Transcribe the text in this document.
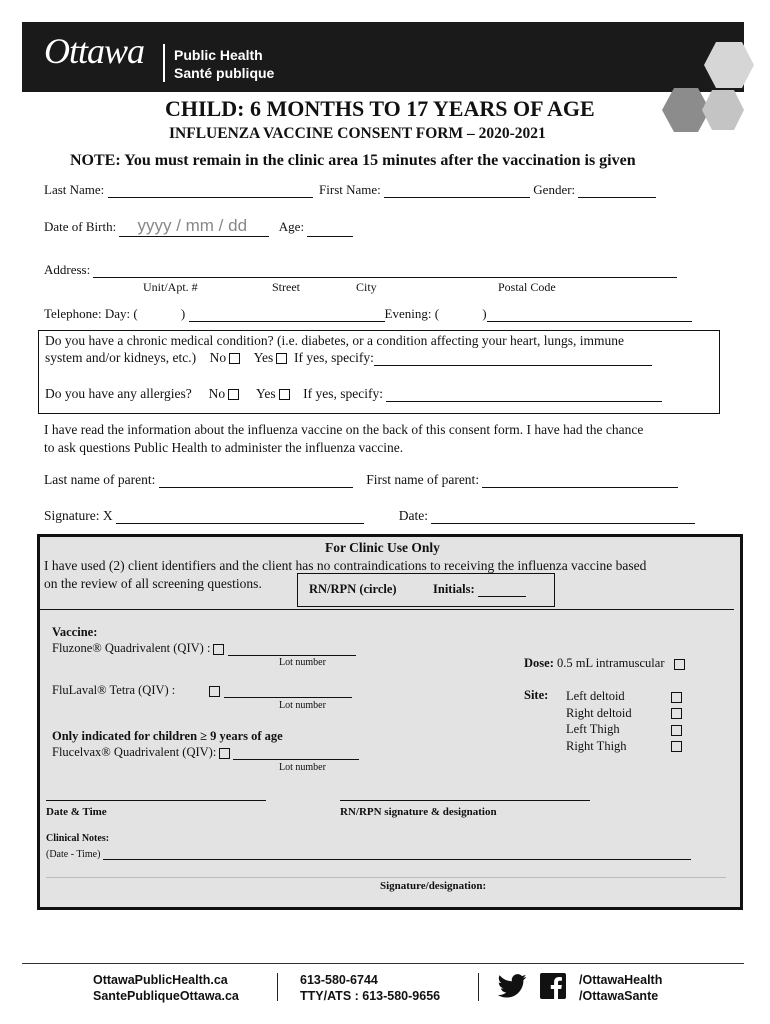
Ottawa Public Health
Santé publique
CHILD: 6 MONTHS TO 17 YEARS OF AGE
INFLUENZA VACCINE CONSENT FORM – 2020-2021
NOTE: You must remain in the clinic area 15 minutes after the vaccination is given
Last Name:	First Name:	Gender:
Date of Birth: yyyy / mm / dd Age:
Address:
Unit/Apt. #	Street	City	Postal Code
Telephone: Day: (	)	Evening: (	)
Do you have a chronic medical condition? (i.e. diabetes, or a condition affecting your heart, lungs, immune
system and/or kidneys, etc.) No Yes If yes, specify:
Do you have any allergies? No Yes If yes, specify:
I have read the information about the influenza vaccine on the back of this consent form. I have had the chance
to ask questions Public Health to administer the influenza vaccine.
Last name of parent:	First name of parent:
Signature: X	Date:
For Clinic Use Only
I have used (2) client identifiers and the client has no contraindications to receiving the influenza vaccine based
on the review of all screening questions.	RN/RPN (circle)	Initials:
Vaccine:
Fluzone® Quadrivalent (QIV) :
Lot number
FluLaval® Tetra (QIV) :
Lot number
Only indicated for children ≥ 9 years of age
Flucelvax® Quadrivalent (QIV):
Lot number
Dose: 0.5 mL intramuscular
Site: Left deltoid
Right deltoid
Left Thigh
Right Thigh
Date & Time	RN/RPN signature & designation
Clinical Notes:
(Date - Time)
Signature/designation:
OttawaPublicHealth.ca
SantePubliqueOttawa.ca
613-580-6744
TTY/ATS : 613-580-9656
/OttawaHealth
/OttawaSante
